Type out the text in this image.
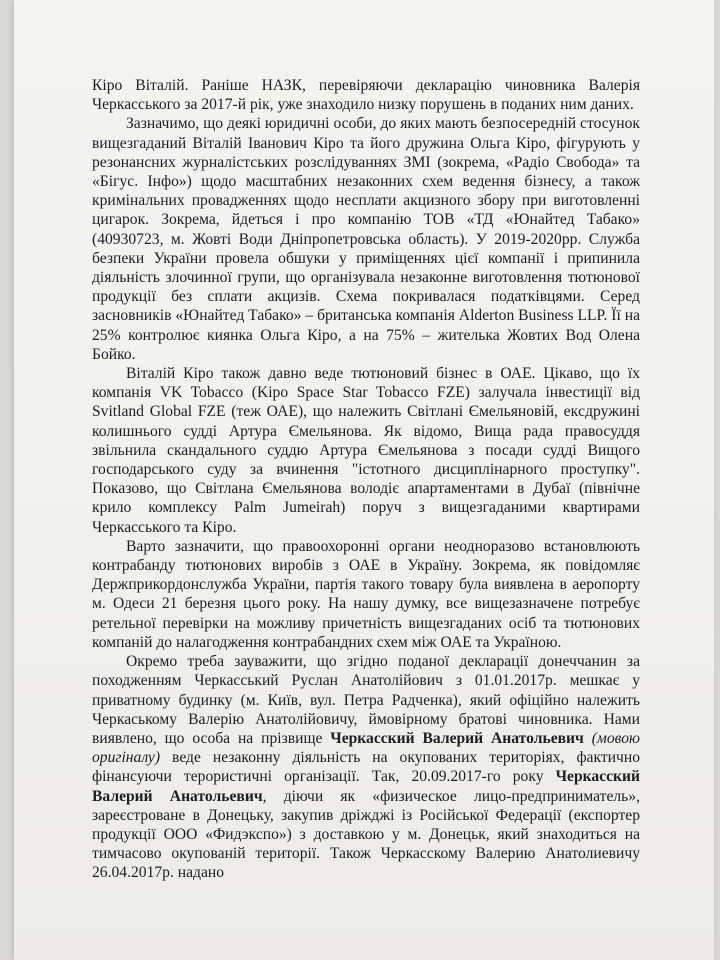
Кіро Віталій. Раніше НАЗК, перевіряючи декларацію чиновника Валерія Черкасського за 2017-й рік, уже знаходило низку порушень в поданих ним даних.

Зазначимо, що деякі юридичні особи, до яких мають безпосередній стосунок вищезгаданий Віталій Іванович Кіро та його дружина Ольга Кіро, фігурують у резонансних журналістських розслідуваннях ЗМІ (зокрема, «Радіо Свобода» та «Бігус. Інфо») щодо масштабних незаконних схем ведення бізнесу, а також кримінальних провадженнях щодо несплати акцизного збору при виготовленні цигарок. Зокрема, йдеться і про компанію ТОВ «ТД «Юнайтед Табако» (40930723, м. Жовті Води Дніпропетровська область). У 2019-2020рр. Служба безпеки України провела обшуки у приміщеннях цієї компанії і припинила діяльність злочинної групи, що організувала незаконне виготовлення тютюнової продукції без сплати акцизів. Схема покривалася податківцями. Серед засновників «Юнайтед Табако» – британська компанія Alderton Business LLP. Її на 25% контролює киянка Ольга Кіро, а на 75% – жителька Жовтих Вод Олена Бойко.

Віталій Кіро також давно веде тютюновий бізнес в ОАЕ. Цікаво, що їх компанія VK Tobacco (Kipo Space Star Tobacco FZE) залучала інвестиції від Svitland Global FZE (теж ОАЕ), що належить Світлані Ємельяновій, екcдружині колишнього судді Артура Ємельянова. Як відомо, Вища рада правосуддя звільнила скандального суддю Артура Ємельянова з посади судді Вищого господарського суду за вчинення "істотного дисциплінарного проступку". Показово, що Світлана Ємельянова володіє апартаментами в Дубаї (північне крило комплексу Palm Jumeirah) поруч з вищезгаданими квартирами Черкасського та Кіро.

Варто зазначити, що правоохоронні органи неодноразово встановлюють контрабанду тютюнових виробів з ОАЕ в Україну. Зокрема, як повідомляє Держприкордонслужба України, партія такого товару була виявлена в аеропорту м. Одеси 21 березня цього року. На нашу думку, все вищезазначене потребує ретельної перевірки на можливу причетність вищезгаданих осіб та тютюнових компаній до налагодження контрабандних схем між ОАЕ та Україною.

Окремо треба зауважити, що згідно поданої декларації донеччанин за походженням Черкасський Руслан Анатолійович з 01.01.2017р. мешкає у приватному будинку (м. Київ, вул. Петра Радченка), який офіційно належить Черкаському Валерію Анатолійовичу, ймовірному братові чиновника. Нами виявлено, що особа на прізвище Черкасский Валерий Анатольевич (мовою оригіналу) веде незаконну діяльність на окупованих територіях, фактично фінансуючи терористичні організації. Так, 20.09.2017-го року Черкасский Валерий Анатольевич, діючи як «физическое лицо-предприниматель», зареєстроване в Донецьку, закупив дріжджі із Російської Федерації (експортер продукції ООО «Фидэкспо») з доставкою у м. Донецьк, який знаходиться на тимчасово окупованій території. Також Черкасскому Валерию Анатолиевичу 26.04.2017р. надано
